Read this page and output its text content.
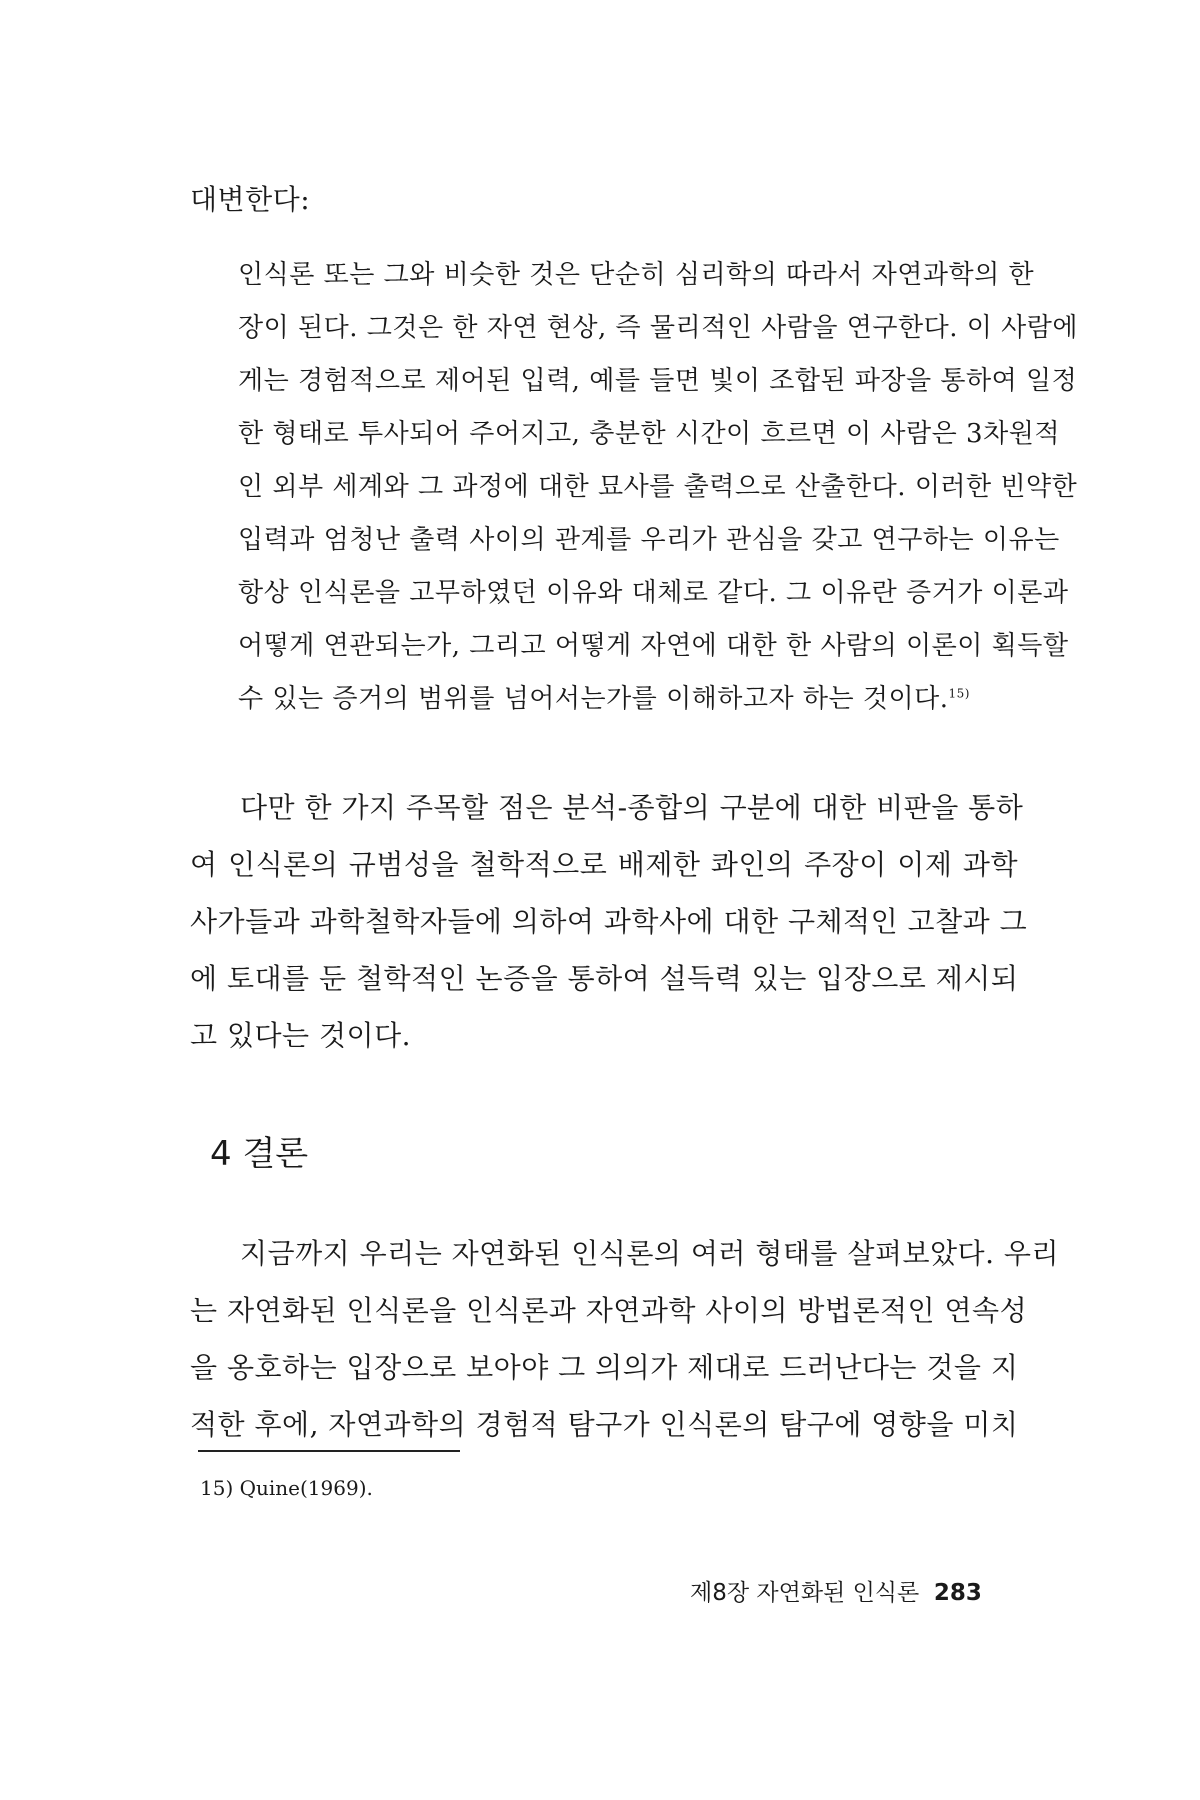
대변한다:
인식론 또는 그와 비슷한 것은 단순히 심리학의 따라서 자연과학의 한
장이 된다. 그것은 한 자연 현상, 즉 물리적인 사람을 연구한다. 이 사람에
게는 경험적으로 제어된 입력, 예를 들면 빛이 조합된 파장을 통하여 일정
한 형태로 투사되어 주어지고, 충분한 시간이 흐르면 이 사람은 3차원적
인 외부 세계와 그 과정에 대한 묘사를 출력으로 산출한다. 이러한 빈약한
입력과 엄청난 출력 사이의 관계를 우리가 관심을 갖고 연구하는 이유는
항상 인식론을 고무하였던 이유와 대체로 같다. 그 이유란 증거가 이론과
어떻게 연관되는가, 그리고 어떻게 자연에 대한 한 사람의 이론이 획득할
수 있는 증거의 범위를 넘어서는가를 이해하고자 하는 것이다.$^{15)}$
다만 한 가지 주목할 점은 분석-종합의 구분에 대한 비판을 통하
여 인식론의 규범성을 철학적으로 배제한 콰인의 주장이 이제 과학
사가들과 과학철학자들에 의하여 과학사에 대한 구체적인 고찰과 그
에 토대를 둔 철학적인 논증을 통하여 설득력 있는 입장으로 제시되
고 있다는 것이다.
4 결론
지금까지 우리는 자연화된 인식론의 여러 형태를 살펴보았다. 우리
는 자연화된 인식론을 인식론과 자연과학 사이의 방법론적인 연속성
을 옹호하는 입장으로 보아야 그 의의가 제대로 드러난다는 것을 지
적한 후에, 자연과학의 경험적 탐구가 인식론의 탐구에 영향을 미치
15) Quine(1969).
제8장 자연화된 인식론 283
